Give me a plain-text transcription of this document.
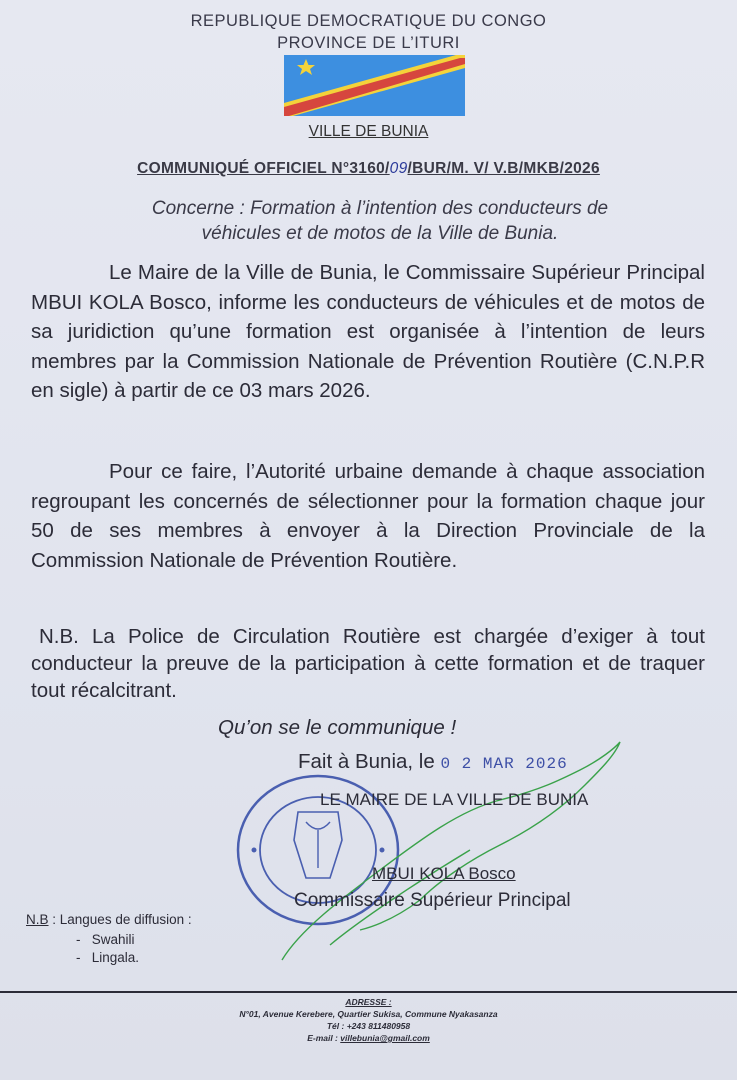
REPUBLIQUE DEMOCRATIQUE DU CONGO
PROVINCE DE L’ITURI
VILLE DE BUNIA
COMMUNIQUÉ OFFICIEL N°3160/09/BUR/M. V/ V.B/MKB/2026
Concerne : Formation à l’intention des conducteurs de
véhicules et de motos de la Ville de Bunia.

Le Maire de la Ville de Bunia, le Commissaire Supérieur Principal MBUI KOLA Bosco, informe les conducteurs de véhicules et de motos de sa juridiction qu’une formation est organisée à l’intention de leurs membres par la Commission Nationale de Prévention Routière (C.N.P.R en sigle) à partir de ce 03 mars 2026.

Pour ce faire, l’Autorité urbaine demande à chaque association regroupant les concernés de sélectionner pour la formation chaque jour 50 de ses membres à envoyer à la Direction Provinciale de la Commission Nationale de Prévention Routière.

N.B. La Police de Circulation Routière est chargée d’exiger à tout conducteur la preuve de la participation à cette formation et de traquer tout récalcitrant.

Qu’on se le communique !
Fait à Bunia, le 0 2 MAR 2026
LE MAIRE DE LA VILLE DE BUNIA
MBUI KOLA Bosco
Commissaire Supérieur Principal
N.B : Langues de diffusion :
-   Swahili
-   Lingala.
ADRESSE :
N°01, Avenue Kerebere, Quartier Sukisa, Commune Nyakasanza
Tél : +243 811480958
E-mail : villebunia@gmail.com
